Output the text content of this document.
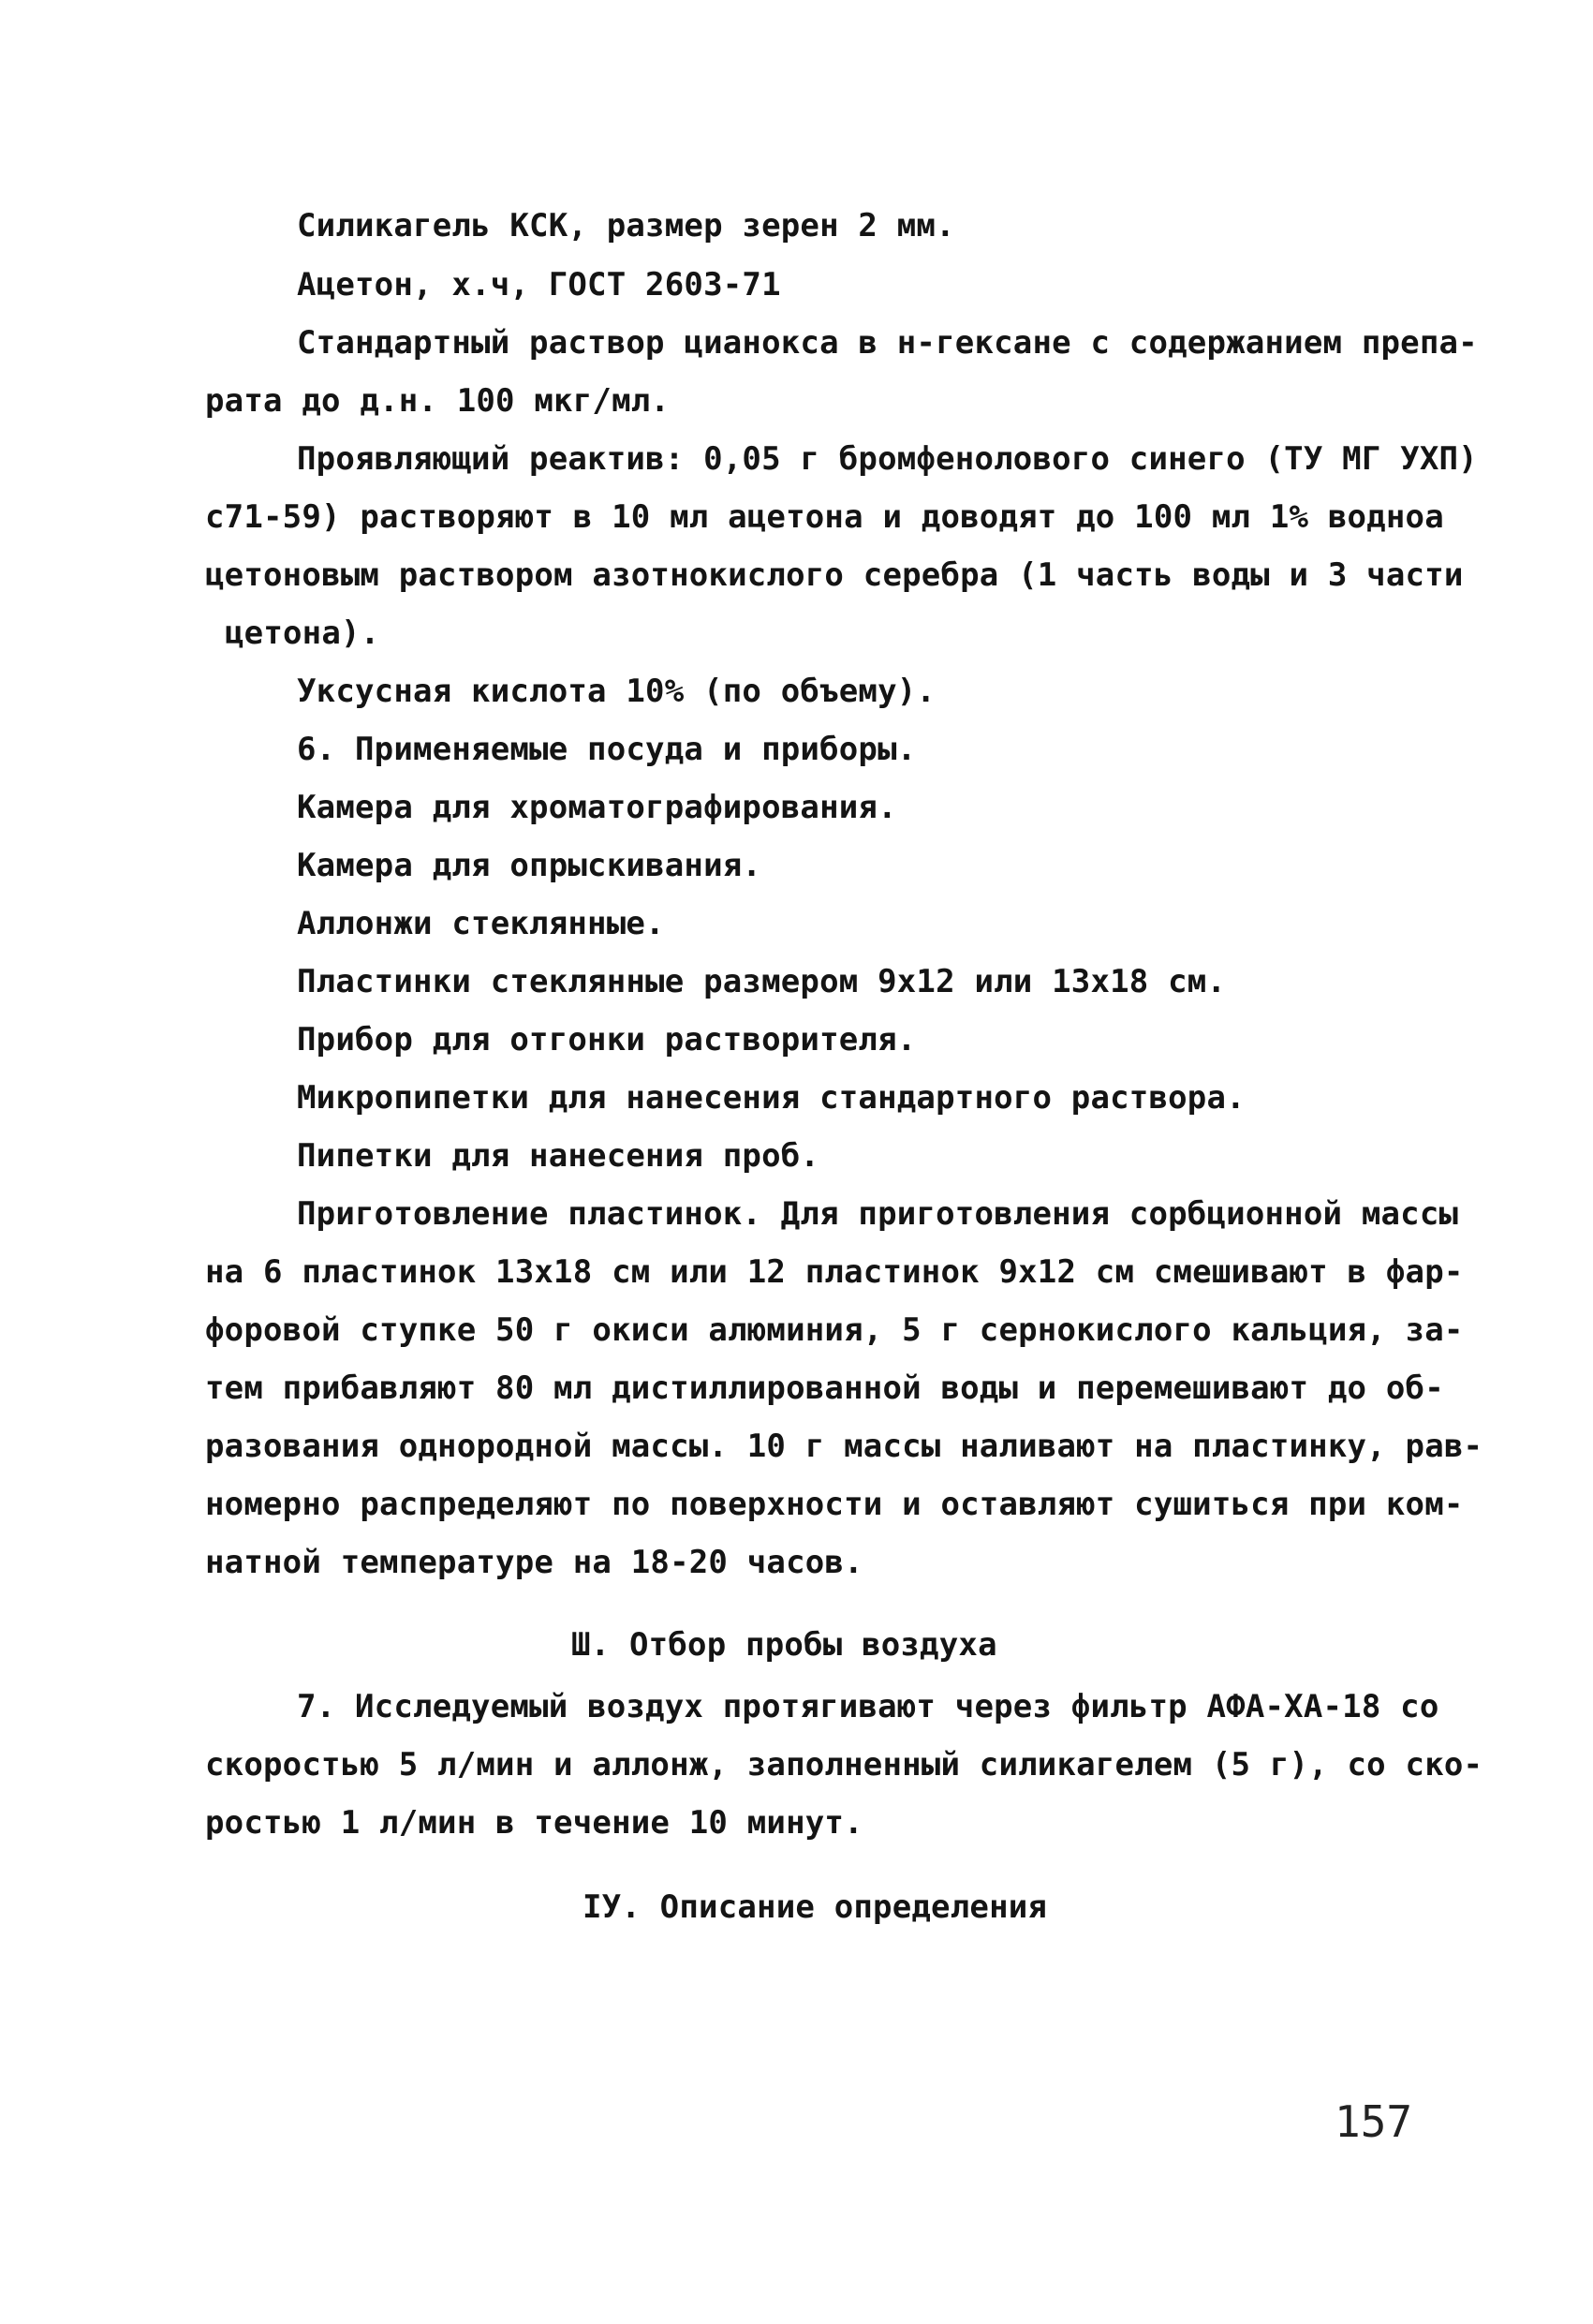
Силикагель КСК, размер зерен 2 мм.
Ацетон, х.ч, ГОСТ 2603-71
Стандартный раствор цианокса в н-гексане с содержанием препа-
рата до д.н. 100 мкг/мл.
Проявляющий реактив: 0,05 г бромфенолового синего (ТУ МГ УХП)
с71-59) растворяют в 10 мл ацетона и доводят до 100 мл 1% водноа
цетоновым раствором азотнокислого серебра (1 часть воды и 3 части
цетона).
Уксусная кислота 10% (по объему).
6. Применяемые посуда и приборы.
Камера для хроматографирования.
Камера для опрыскивания.
Аллонжи стеклянные.
Пластинки стеклянные размером 9х12 или 13х18 см.
Прибор для отгонки растворителя.
Микропипетки для нанесения стандартного раствора.
Пипетки для нанесения проб.
Приготовление пластинок. Для приготовления сорбционной массы
на 6 пластинок 13х18 см или 12 пластинок 9х12 см смешивают в фар-
форовой ступке 50 г окиси алюминия, 5 г сернокислого кальция, за-
тем прибавляют 80 мл дистиллированной воды и перемешивают до об-
разования однородной массы. 10 г массы наливают на пластинку, рав-
номерно распределяют по поверхности и оставляют сушиться при ком-
натной температуре на 18-20 часов.
Ш. Отбор пробы воздуха
7. Исследуемый воздух протягивают через фильтр АФА-ХА-18 со
скоростью 5 л/мин и аллонж, заполненный силикагелем (5 г), со ско-
ростью 1 л/мин в течение 10 минут.
IУ. Описание определения
157
